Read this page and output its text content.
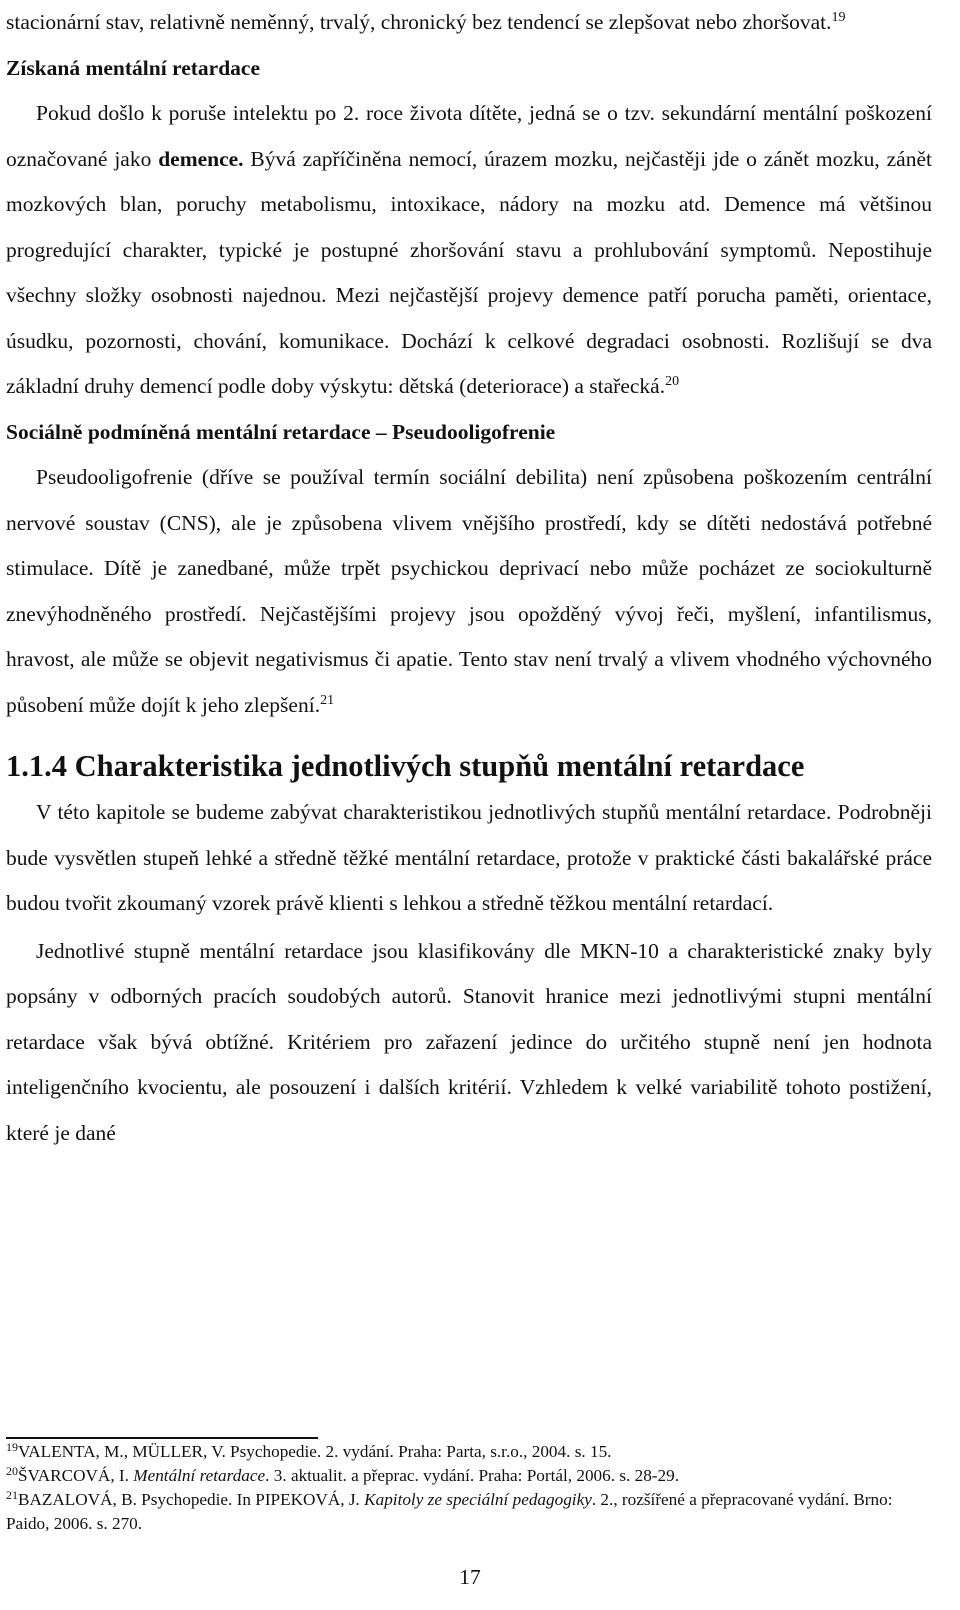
stacionární stav, relativně neměnný, trvalý, chronický bez tendencí se zlepšovat nebo zhoršovat.$^{19}$

Získaná mentální retardace

Pokud došlo k poruše intelektu po 2. roce života dítěte, jedná se o tzv. sekundární mentální poškození označované jako demence. Bývá zapříčiněna nemocí, úrazem mozku, nejčastěji jde o zánět mozku, zánět mozkových blan, poruchy metabolismu, intoxikace, nádory na mozku atd. Demence má většinou progredující charakter, typické je postupné zhoršování stavu a prohlubování symptomů. Nepostihuje všechny složky osobnosti najednou. Mezi nejčastější projevy demence patří porucha paměti, orientace, úsudku, pozornosti, chování, komunikace. Dochází k celkové degradaci osobnosti. Rozlišují se dva základní druhy demencí podle doby výskytu: dětská (deteriorace) a stařecká.$^{20}$

Sociálně podmíněná mentální retardace – Pseudooligofrenie

Pseudooligofrenie (dříve se používal termín sociální debilita) není způsobena poškozením centrální nervové soustav (CNS), ale je způsobena vlivem vnějšího prostředí, kdy se dítěti nedostává potřebné stimulace. Dítě je zanedbané, může trpět psychickou deprivací nebo může pocházet ze sociokulturně znevýhodněného prostředí. Nejčastějšími projevy jsou opožděný vývoj řeči, myšlení, infantilismus, hravost, ale může se objevit negativismus či apatie. Tento stav není trvalý a vlivem vhodného výchovného působení může dojít k jeho zlepšení.$^{21}$

1.1.4 Charakteristika jednotlivých stupňů mentální retardace

V této kapitole se budeme zabývat charakteristikou jednotlivých stupňů mentální retardace. Podrobněji bude vysvětlen stupeň lehké a středně těžké mentální retardace, protože v praktické části bakalářské práce budou tvořit zkoumaný vzorek právě klienti s lehkou a středně těžkou mentální retardací.

Jednotlivé stupně mentální retardace jsou klasifikovány dle MKN-10 a charakteristické znaky byly popsány v odborných pracích soudobých autorů. Stanovit hranice mezi jednotlivými stupni mentální retardace však bývá obtížné. Kritériem pro zařazení jedince do určitého stupně není jen hodnota inteligenčního kvocientu, ale posouzení i dalších kritérií. Vzhledem k velké variabilitě tohoto postižení, které je dané

$^{19}$VALENTA, M., MÜLLER, V. Psychopedie. 2. vydání. Praha: Parta, s.r.o., 2004. s. 15.

$^{20}$ŠVARCOVÁ, I. Mentální retardace. 3. aktualit. a přeprac. vydání. Praha: Portál, 2006. s. 28-29.

$^{21}$BAZALOVÁ, B. Psychopedie. In PIPEKOVÁ, J. Kapitoly ze speciální pedagogiky. 2., rozšířené a přepracované vydání. Brno: Paido, 2006. s. 270.

17
